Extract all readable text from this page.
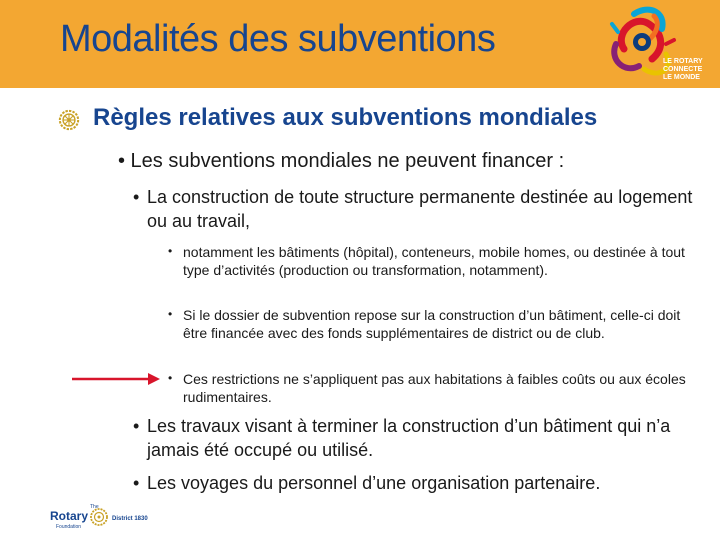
Modalités des subventions
LE ROTARY
CONNECTE
LE MONDE
Règles relatives aux subventions mondiales
• Les subventions mondiales ne peuvent financer :
• La construction de toute structure permanente destinée au logement ou au travail,
• notamment les bâtiments (hôpital), conteneurs, mobile homes, ou destinée à tout type d’activités (production ou transformation, notamment).
• Si le dossier de subvention repose sur la construction d’un bâtiment, celle-ci doit être financée avec des fonds supplémentaires de district ou de club.
• Ces restrictions ne s’appliquent pas aux habitations à faibles coûts ou aux écoles rudimentaires.
• Les travaux visant à terminer la construction d’un bâtiment qui n’a jamais été occupé ou utilisé.
• Les voyages du personnel d’une organisation partenaire.
The
Rotary
Foundation
District 1830
